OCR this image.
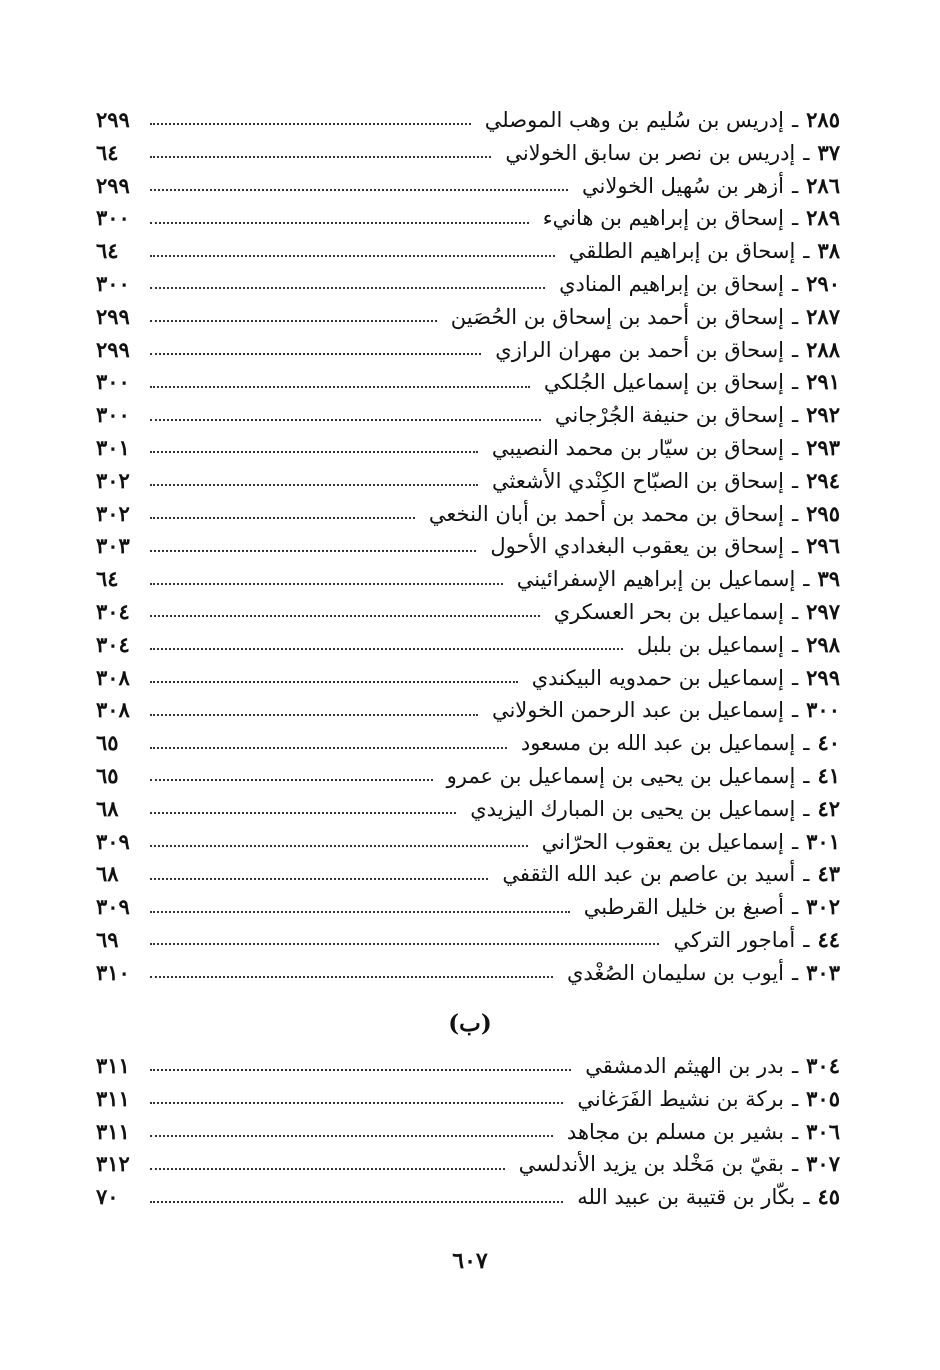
٢٨٥
ـ
إدريس بن سُليم بن وهب الموصلي
٢٩٩
٣٧
ـ
إدريس بن نصر بن سابق الخولاني
٦٤
٢٨٦
ـ
أزهر بن سُهيل الخولاني
٢٩٩
٢٨٩
ـ
إسحاق بن إبراهيم بن هانيء
٣٠٠
٣٨
ـ
إسحاق بن إبراهيم الطلقي
٦٤
٢٩٠
ـ
إسحاق بن إبراهيم المنادي
٣٠٠
٢٨٧
ـ
إسحاق بن أحمد بن إسحاق بن الحُصَين
٢٩٩
٢٨٨
ـ
إسحاق بن أحمد بن مهران الرازي
٢٩٩
٢٩١
ـ
إسحاق بن إسماعيل الجُلكي
٣٠٠
٢٩٢
ـ
إسحاق بن حنيفة الجُرْجاني
٣٠٠
٢٩٣
ـ
إسحاق بن سيّار بن محمد النصيبي
٣٠١
٢٩٤
ـ
إسحاق بن الصبّاح الكِنْدي الأشعثي
٣٠٢
٢٩٥
ـ
إسحاق بن محمد بن أحمد بن أبان النخعي
٣٠٢
٢٩٦
ـ
إسحاق بن يعقوب البغدادي الأحول
٣٠٣
٣٩
ـ
إسماعيل بن إبراهيم الإسفرائيني
٦٤
٢٩٧
ـ
إسماعيل بن بحر العسكري
٣٠٤
٢٩٨
ـ
إسماعيل بن بلبل
٣٠٤
٢٩٩
ـ
إسماعيل بن حمدويه البيكندي
٣٠٨
٣٠٠
ـ
إسماعيل بن عبد الرحمن الخولاني
٣٠٨
٤٠
ـ
إسماعيل بن عبد الله بن مسعود
٦٥
٤١
ـ
إسماعيل بن يحيى بن إسماعيل بن عمرو
٦٥
٤٢
ـ
إسماعيل بن يحيى بن المبارك اليزيدي
٦٨
٣٠١
ـ
إسماعيل بن يعقوب الحرّاني
٣٠٩
٤٣
ـ
أسيد بن عاصم بن عبد الله الثقفي
٦٨
٣٠٢
ـ
أصبغ بن خليل القرطبي
٣٠٩
٤٤
ـ
أماجور التركي
٦٩
٣٠٣
ـ
أيوب بن سليمان الصُغْدي
٣١٠
(ب)
٣٠٤
ـ
بدر بن الهيثم الدمشقي
٣١١
٣٠٥
ـ
بركة بن نشيط الفَرَغاني
٣١١
٣٠٦
ـ
بشير بن مسلم بن مجاهد
٣١١
٣٠٧
ـ
بقيّ بن مَخْلد بن يزيد الأندلسي
٣١٢
٤٥
ـ
بكّار بن قتيبة بن عبيد الله
٧٠
٦٠٧
